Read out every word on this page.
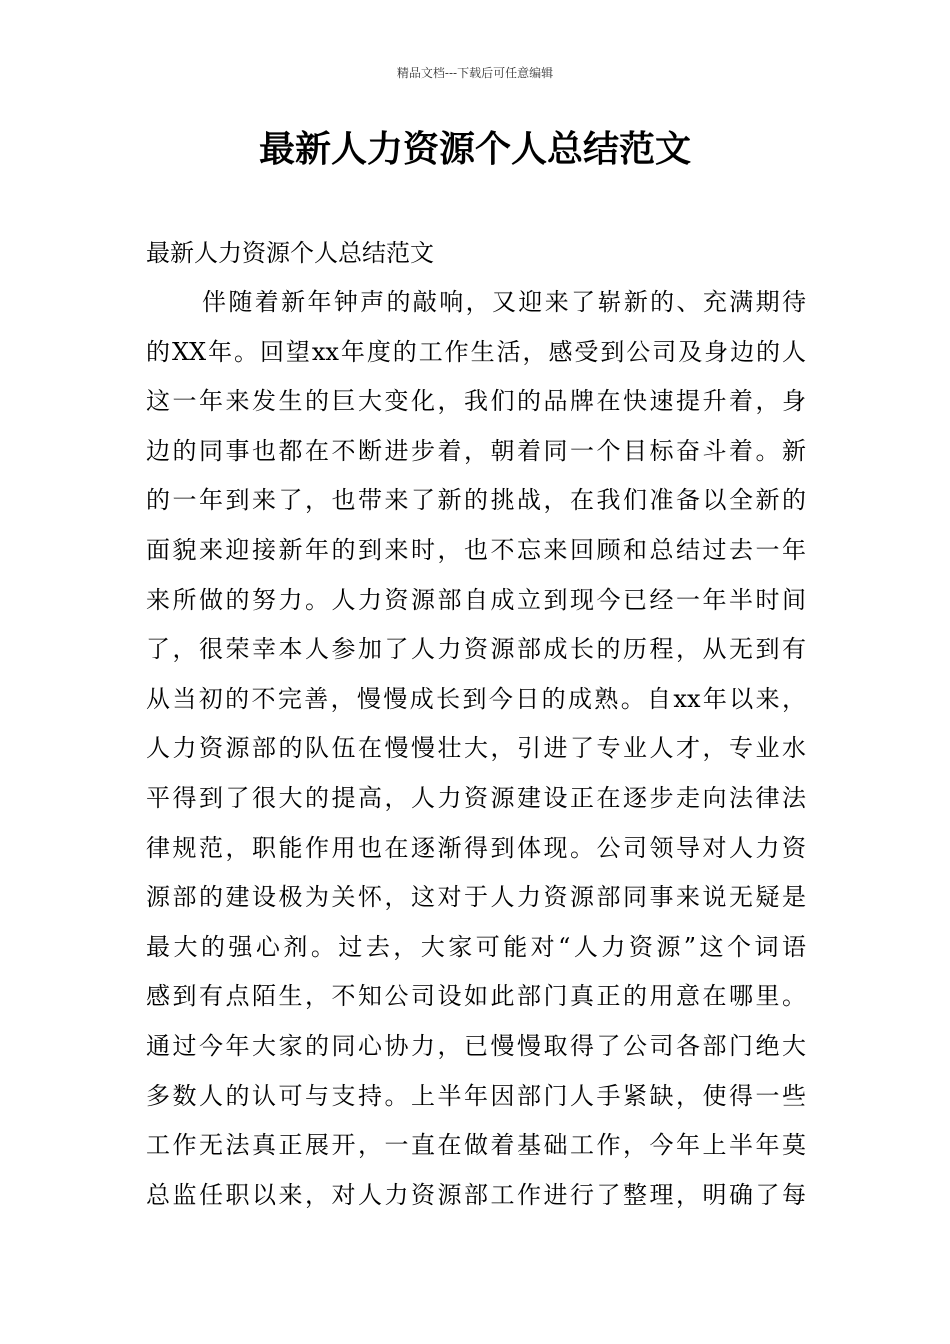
精品文档---下载后可任意编辑
最新人力资源个人总结范文

最新人力资源个人总结范文

伴随着新年钟声的敲响，又迎来了崭新的、充满期待

的XX年。回望xx年度的工作生活，感受到公司及身边的人

这一年来发生的巨大变化，我们的品牌在快速提升着，身

边的同事也都在不断进步着，朝着同一个目标奋斗着。新

的一年到来了，也带来了新的挑战，在我们准备以全新的

面貌来迎接新年的到来时，也不忘来回顾和总结过去一年

来所做的努力。人力资源部自成立到现今已经一年半时间

了，很荣幸本人参加了人力资源部成长的历程，从无到有

从当初的不完善，慢慢成长到今日的成熟。自xx年以来，

人力资源部的队伍在慢慢壮大，引进了专业人才，专业水

平得到了很大的提高，人力资源建设正在逐步走向法律法

律规范，职能作用也在逐渐得到体现。公司领导对人力资

源部的建设极为关怀，这对于人力资源部同事来说无疑是

最大的强心剂。过去，大家可能对“人力资源”这个词语

感到有点陌生，不知公司设如此部门真正的用意在哪里。

通过今年大家的同心协力，已慢慢取得了公司各部门绝大

多数人的认可与支持。上半年因部门人手紧缺，使得一些

工作无法真正展开，一直在做着基础工作，今年上半年莫

总监任职以来，对人力资源部工作进行了整理，明确了每
